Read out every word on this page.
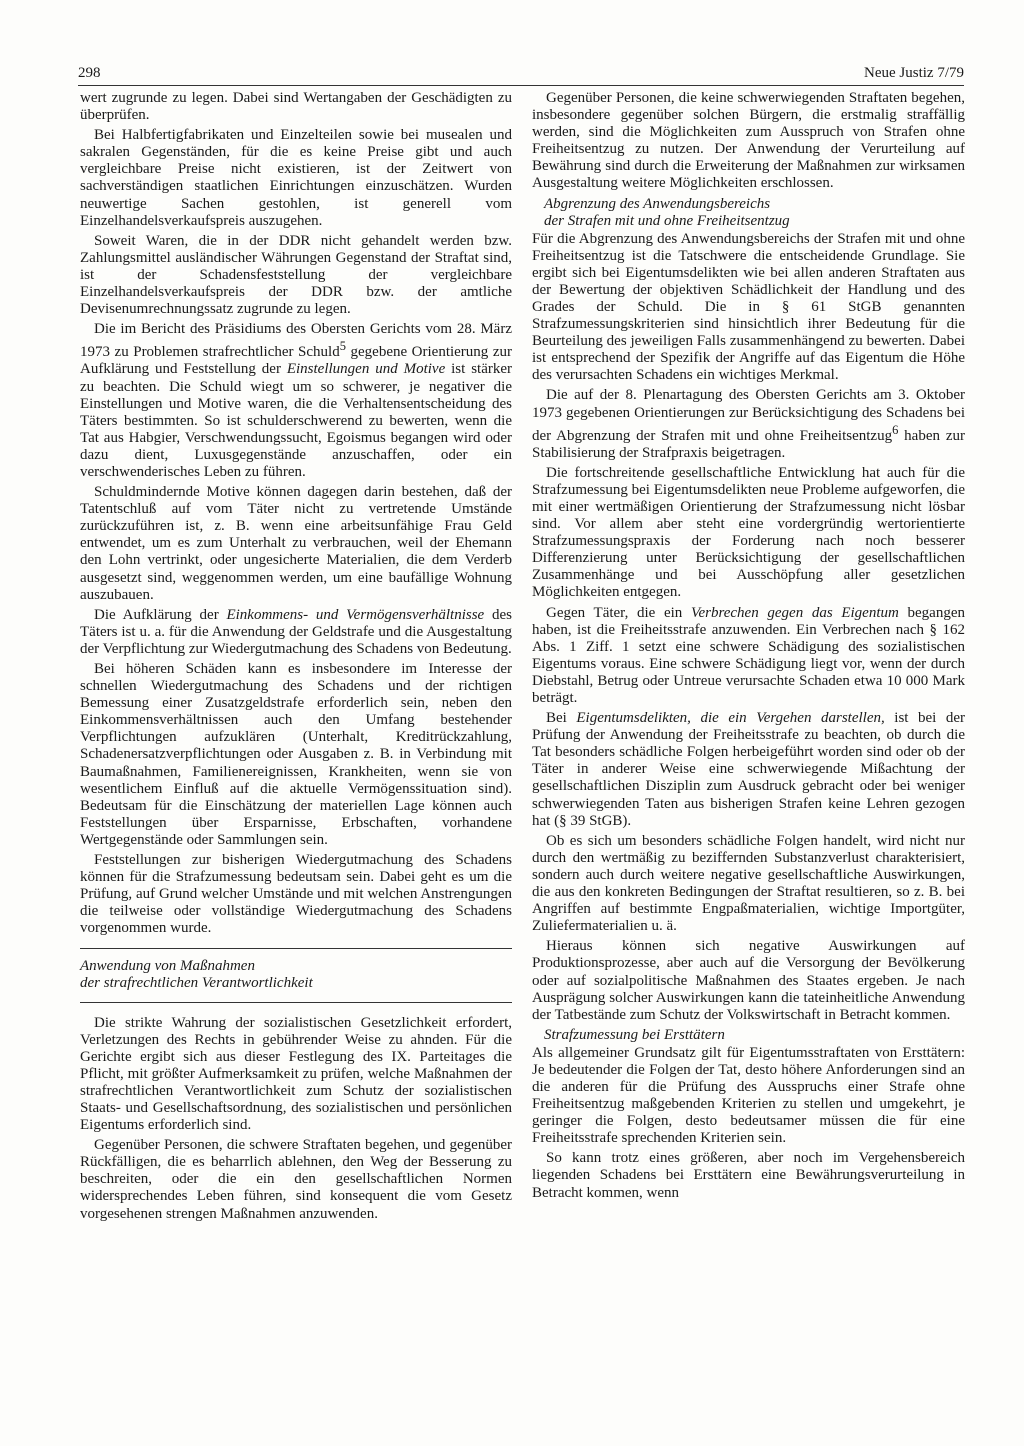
298	Neue Justiz 7/79

wert zugrunde zu legen. Dabei sind Wertangaben der Geschädigten zu überprüfen.

Bei Halbfertigfabrikaten und Einzelteilen sowie bei musealen und sakralen Gegenständen, für die es keine Preise gibt und auch vergleichbare Preise nicht existieren, ist der Zeitwert von sachverständigen staatlichen Einrichtungen einzuschätzen. Wurden neuwertige Sachen gestohlen, ist generell vom Einzelhandelsverkaufspreis auszugehen.

Soweit Waren, die in der DDR nicht gehandelt werden bzw. Zahlungsmittel ausländischer Währungen Gegenstand der Straftat sind, ist der Schadensfeststellung der vergleichbare Einzelhandelsverkaufspreis der DDR bzw. der amtliche Devisenumrechnungssatz zugrunde zu legen.

Die im Bericht des Präsidiums des Obersten Gerichts vom 28. März 1973 zu Problemen strafrechtlicher Schuld$^5$ gegebene Orientierung zur Aufklärung und Feststellung der Einstellungen und Motive ist stärker zu beachten. Die Schuld wiegt um so schwerer, je negativer die Einstellungen und Motive waren, die die Verhaltensentscheidung des Täters bestimmten. So ist schulderschwerend zu bewerten, wenn die Tat aus Habgier, Verschwendungssucht, Egoismus begangen wird oder dazu dient, Luxusgegenstände anzuschaffen, oder ein verschwenderisches Leben zu führen.

Schuldmindernde Motive können dagegen darin bestehen, daß der Tatentschluß auf vom Täter nicht zu vertretende Umstände zurückzuführen ist, z. B. wenn eine arbeitsunfähige Frau Geld entwendet, um es zum Unterhalt zu verbrauchen, weil der Ehemann den Lohn vertrinkt, oder ungesicherte Materialien, die dem Verderb ausgesetzt sind, weggenommen werden, um eine baufällige Wohnung auszubauen.

Die Aufklärung der Einkommens- und Vermögensverhältnisse des Täters ist u. a. für die Anwendung der Geldstrafe und die Ausgestaltung der Verpflichtung zur Wiedergutmachung des Schadens von Bedeutung.

Bei höheren Schäden kann es insbesondere im Interesse der schnellen Wiedergutmachung des Schadens und der richtigen Bemessung einer Zusatzgeldstrafe erforderlich sein, neben den Einkommensverhältnissen auch den Umfang bestehender Verpflichtungen aufzuklären (Unterhalt, Kreditrückzahlung, Schadenersatzverpflichtungen oder Ausgaben z. B. in Verbindung mit Baumaßnahmen, Familienereignissen, Krankheiten, wenn sie von wesentlichem Einfluß auf die aktuelle Vermögenssituation sind). Bedeutsam für die Einschätzung der materiellen Lage können auch Feststellungen über Ersparnisse, Erbschaften, vorhandene Wertgegenstände oder Sammlungen sein.

Feststellungen zur bisherigen Wiedergutmachung des Schadens können für die Strafzumessung bedeutsam sein. Dabei geht es um die Prüfung, auf Grund welcher Umstände und mit welchen Anstrengungen die teilweise oder vollständige Wiedergutmachung des Schadens vorgenommen wurde.

Anwendung von Maßnahmen
der strafrechtlichen Verantwortlichkeit

Die strikte Wahrung der sozialistischen Gesetzlichkeit erfordert, Verletzungen des Rechts in gebührender Weise zu ahnden. Für die Gerichte ergibt sich aus dieser Festlegung des IX. Parteitages die Pflicht, mit größter Aufmerksamkeit zu prüfen, welche Maßnahmen der strafrechtlichen Verantwortlichkeit zum Schutz der sozialistischen Staats- und Gesellschaftsordnung, des sozialistischen und persönlichen Eigentums erforderlich sind.

Gegenüber Personen, die schwere Straftaten begehen, und gegenüber Rückfälligen, die es beharrlich ablehnen, den Weg der Besserung zu beschreiten, oder die ein den gesellschaftlichen Normen widersprechendes Leben führen, sind konsequent die vom Gesetz vorgesehenen strengen Maßnahmen anzuwenden.

Gegenüber Personen, die keine schwerwiegenden Straftaten begehen, insbesondere gegenüber solchen Bürgern, die erstmalig straffällig werden, sind die Möglichkeiten zum Ausspruch von Strafen ohne Freiheitsentzug zu nutzen. Der Anwendung der Verurteilung auf Bewährung sind durch die Erweiterung der Maßnahmen zur wirksamen Ausgestaltung weitere Möglichkeiten erschlossen.

Abgrenzung des Anwendungsbereichs
der Strafen mit und ohne Freiheitsentzug

Für die Abgrenzung des Anwendungsbereichs der Strafen mit und ohne Freiheitsentzug ist die Tatschwere die entscheidende Grundlage. Sie ergibt sich bei Eigentumsdelikten wie bei allen anderen Straftaten aus der Bewertung der objektiven Schädlichkeit der Handlung und des Grades der Schuld. Die in § 61 StGB genannten Strafzumessungskriterien sind hinsichtlich ihrer Bedeutung für die Beurteilung des jeweiligen Falls zusammenhängend zu bewerten. Dabei ist entsprechend der Spezifik der Angriffe auf das Eigentum die Höhe des verursachten Schadens ein wichtiges Merkmal.

Die auf der 8. Plenartagung des Obersten Gerichts am 3. Oktober 1973 gegebenen Orientierungen zur Berücksichtigung des Schadens bei der Abgrenzung der Strafen mit und ohne Freiheitsentzug$^6$ haben zur Stabilisierung der Strafpraxis beigetragen.

Die fortschreitende gesellschaftliche Entwicklung hat auch für die Strafzumessung bei Eigentumsdelikten neue Probleme aufgeworfen, die mit einer wertmäßigen Orientierung der Strafzumessung nicht lösbar sind. Vor allem aber steht eine vordergründig wertorientierte Strafzumessungspraxis der Forderung nach noch besserer Differenzierung unter Berücksichtigung der gesellschaftlichen Zusammenhänge und bei Ausschöpfung aller gesetzlichen Möglichkeiten entgegen.

Gegen Täter, die ein Verbrechen gegen das Eigentum begangen haben, ist die Freiheitsstrafe anzuwenden. Ein Verbrechen nach § 162 Abs. 1 Ziff. 1 setzt eine schwere Schädigung des sozialistischen Eigentums voraus. Eine schwere Schädigung liegt vor, wenn der durch Diebstahl, Betrug oder Untreue verursachte Schaden etwa 10 000 Mark beträgt.

Bei Eigentumsdelikten, die ein Vergehen darstellen, ist bei der Prüfung der Anwendung der Freiheitsstrafe zu beachten, ob durch die Tat besonders schädliche Folgen herbeigeführt worden sind oder ob der Täter in anderer Weise eine schwerwiegende Mißachtung der gesellschaftlichen Disziplin zum Ausdruck gebracht oder bei weniger schwerwiegenden Taten aus bisherigen Strafen keine Lehren gezogen hat (§ 39 StGB).

Ob es sich um besonders schädliche Folgen handelt, wird nicht nur durch den wertmäßig zu beziffernden Substanzverlust charakterisiert, sondern auch durch weitere negative gesellschaftliche Auswirkungen, die aus den konkreten Bedingungen der Straftat resultieren, so z. B. bei Angriffen auf bestimmte Engpaßmaterialien, wichtige Importgüter, Zuliefermaterialien u. ä.

Hieraus können sich negative Auswirkungen auf Produktionsprozesse, aber auch auf die Versorgung der Bevölkerung oder auf sozialpolitische Maßnahmen des Staates ergeben. Je nach Ausprägung solcher Auswirkungen kann die tateinheitliche Anwendung der Tatbestände zum Schutz der Volkswirtschaft in Betracht kommen.

Strafzumessung bei Ersttätern

Als allgemeiner Grundsatz gilt für Eigentumsstraftaten von Ersttätern: Je bedeutender die Folgen der Tat, desto höhere Anforderungen sind an die anderen für die Prüfung des Ausspruchs einer Strafe ohne Freiheitsentzug maßgebenden Kriterien zu stellen und umgekehrt, je geringer die Folgen, desto bedeutsamer müssen die für eine Freiheitsstrafe sprechenden Kriterien sein.

So kann trotz eines größeren, aber noch im Vergehensbereich liegenden Schadens bei Ersttätern eine Bewährungsverurteilung in Betracht kommen, wenn
